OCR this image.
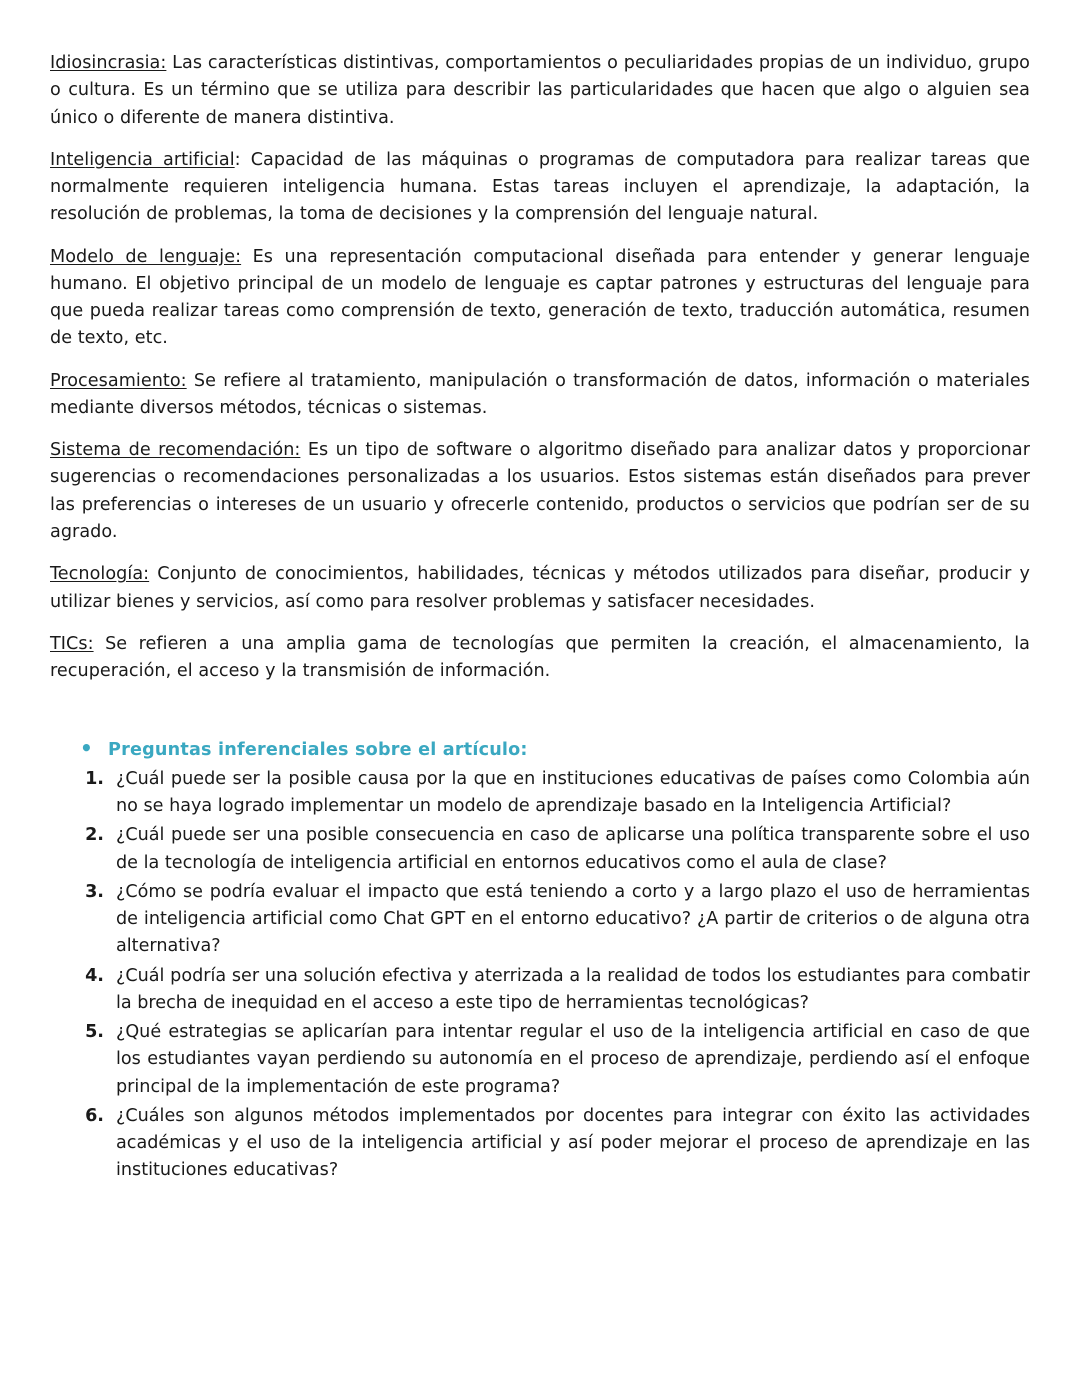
Idiosincrasia: Las características distintivas, comportamientos o peculiaridades propias de un individuo, grupo o cultura. Es un término que se utiliza para describir las particularidades que hacen que algo o alguien sea único o diferente de manera distintiva.

Inteligencia artificial: Capacidad de las máquinas o programas de computadora para realizar tareas que normalmente requieren inteligencia humana. Estas tareas incluyen el aprendizaje, la adaptación, la resolución de problemas, la toma de decisiones y la comprensión del lenguaje natural.

Modelo de lenguaje: Es una representación computacional diseñada para entender y generar lenguaje humano. El objetivo principal de un modelo de lenguaje es captar patrones y estructuras del lenguaje para que pueda realizar tareas como comprensión de texto, generación de texto, traducción automática, resumen de texto, etc.

Procesamiento: Se refiere al tratamiento, manipulación o transformación de datos, información o materiales mediante diversos métodos, técnicas o sistemas.

Sistema de recomendación: Es un tipo de software o algoritmo diseñado para analizar datos y proporcionar sugerencias o recomendaciones personalizadas a los usuarios. Estos sistemas están diseñados para prever las preferencias o intereses de un usuario y ofrecerle contenido, productos o servicios que podrían ser de su agrado.

Tecnología: Conjunto de conocimientos, habilidades, técnicas y métodos utilizados para diseñar, producir y utilizar bienes y servicios, así como para resolver problemas y satisfacer necesidades.

TICs: Se refieren a una amplia gama de tecnologías que permiten la creación, el almacenamiento, la recuperación, el acceso y la transmisión de información.

• Preguntas inferenciales sobre el artículo:
1. ¿Cuál puede ser la posible causa por la que en instituciones educativas de países como Colombia aún no se haya logrado implementar un modelo de aprendizaje basado en la Inteligencia Artificial?
2. ¿Cuál puede ser una posible consecuencia en caso de aplicarse una política transparente sobre el uso de la tecnología de inteligencia artificial en entornos educativos como el aula de clase?
3. ¿Cómo se podría evaluar el impacto que está teniendo a corto y a largo plazo el uso de herramientas de inteligencia artificial como Chat GPT en el entorno educativo? ¿A partir de criterios o de alguna otra alternativa?
4. ¿Cuál podría ser una solución efectiva y aterrizada a la realidad de todos los estudiantes para combatir la brecha de inequidad en el acceso a este tipo de herramientas tecnológicas?
5. ¿Qué estrategias se aplicarían para intentar regular el uso de la inteligencia artificial en caso de que los estudiantes vayan perdiendo su autonomía en el proceso de aprendizaje, perdiendo así el enfoque principal de la implementación de este programa?
6. ¿Cuáles son algunos métodos implementados por docentes para integrar con éxito las actividades académicas y el uso de la inteligencia artificial y así poder mejorar el proceso de aprendizaje en las instituciones educativas?
